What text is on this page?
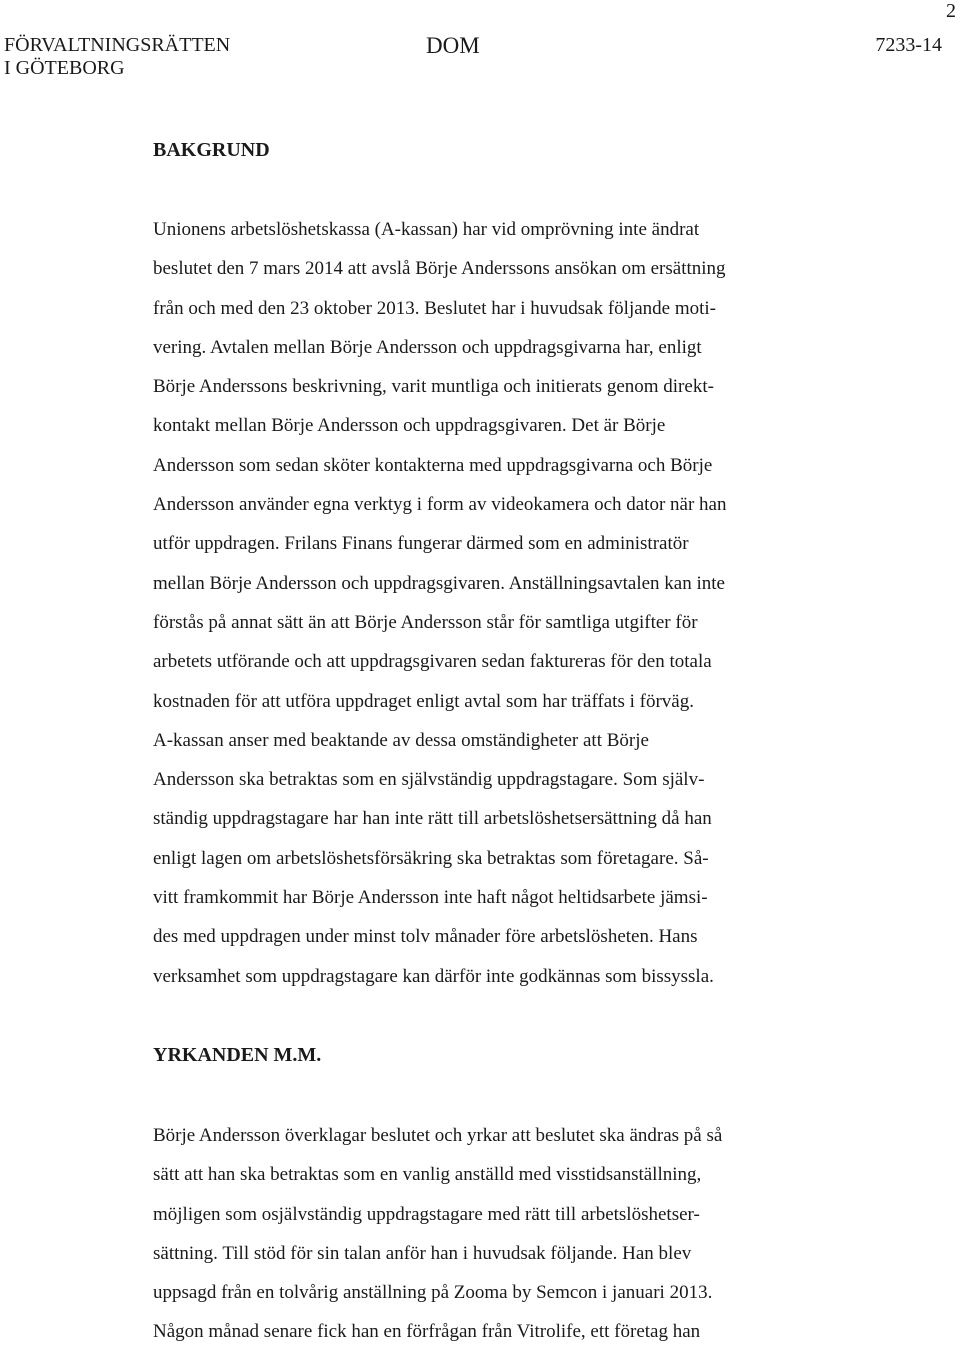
2
FÖRVALTNINGSRÄTTEN
I GÖTEBORG
DOM	7233-14
BAKGRUND
Unionens arbetslöshetskassa (A-kassan) har vid omprövning inte ändrat
beslutet den 7 mars 2014 att avslå Börje Anderssons ansökan om ersättning
från och med den 23 oktober 2013. Beslutet har i huvudsak följande moti-
vering. Avtalen mellan Börje Andersson och uppdragsgivarna har, enligt
Börje Anderssons beskrivning, varit muntliga och initierats genom direkt-
kontakt mellan Börje Andersson och uppdragsgivaren. Det är Börje
Andersson som sedan sköter kontakterna med uppdragsgivarna och Börje
Andersson använder egna verktyg i form av videokamera och dator när han
utför uppdragen. Frilans Finans fungerar därmed som en administratör
mellan Börje Andersson och uppdragsgivaren. Anställningsavtalen kan inte
förstås på annat sätt än att Börje Andersson står för samtliga utgifter för
arbetets utförande och att uppdragsgivaren sedan faktureras för den totala
kostnaden för att utföra uppdraget enligt avtal som har träffats i förväg.
A-kassan anser med beaktande av dessa omständigheter att Börje
Andersson ska betraktas som en självständig uppdragstagare. Som själv-
ständig uppdragstagare har han inte rätt till arbetslöshetsersättning då han
enligt lagen om arbetslöshetsförsäkring ska betraktas som företagare. Så-
vitt framkommit har Börje Andersson inte haft något heltidsarbete jämsi-
des med uppdragen under minst tolv månader före arbetslösheten. Hans
verksamhet som uppdragstagare kan därför inte godkännas som bissyssla.
YRKANDEN M.M.
Börje Andersson överklagar beslutet och yrkar att beslutet ska ändras på så
sätt att han ska betraktas som en vanlig anställd med visstidsanställning,
möjligen som osjälvständig uppdragstagare med rätt till arbetslöshetser-
sättning. Till stöd för sin talan anför han i huvudsak följande. Han blev
uppsagd från en tolvårig anställning på Zooma by Semcon i januari 2013.
Någon månad senare fick han en förfrågan från Vitrolife, ett företag han
